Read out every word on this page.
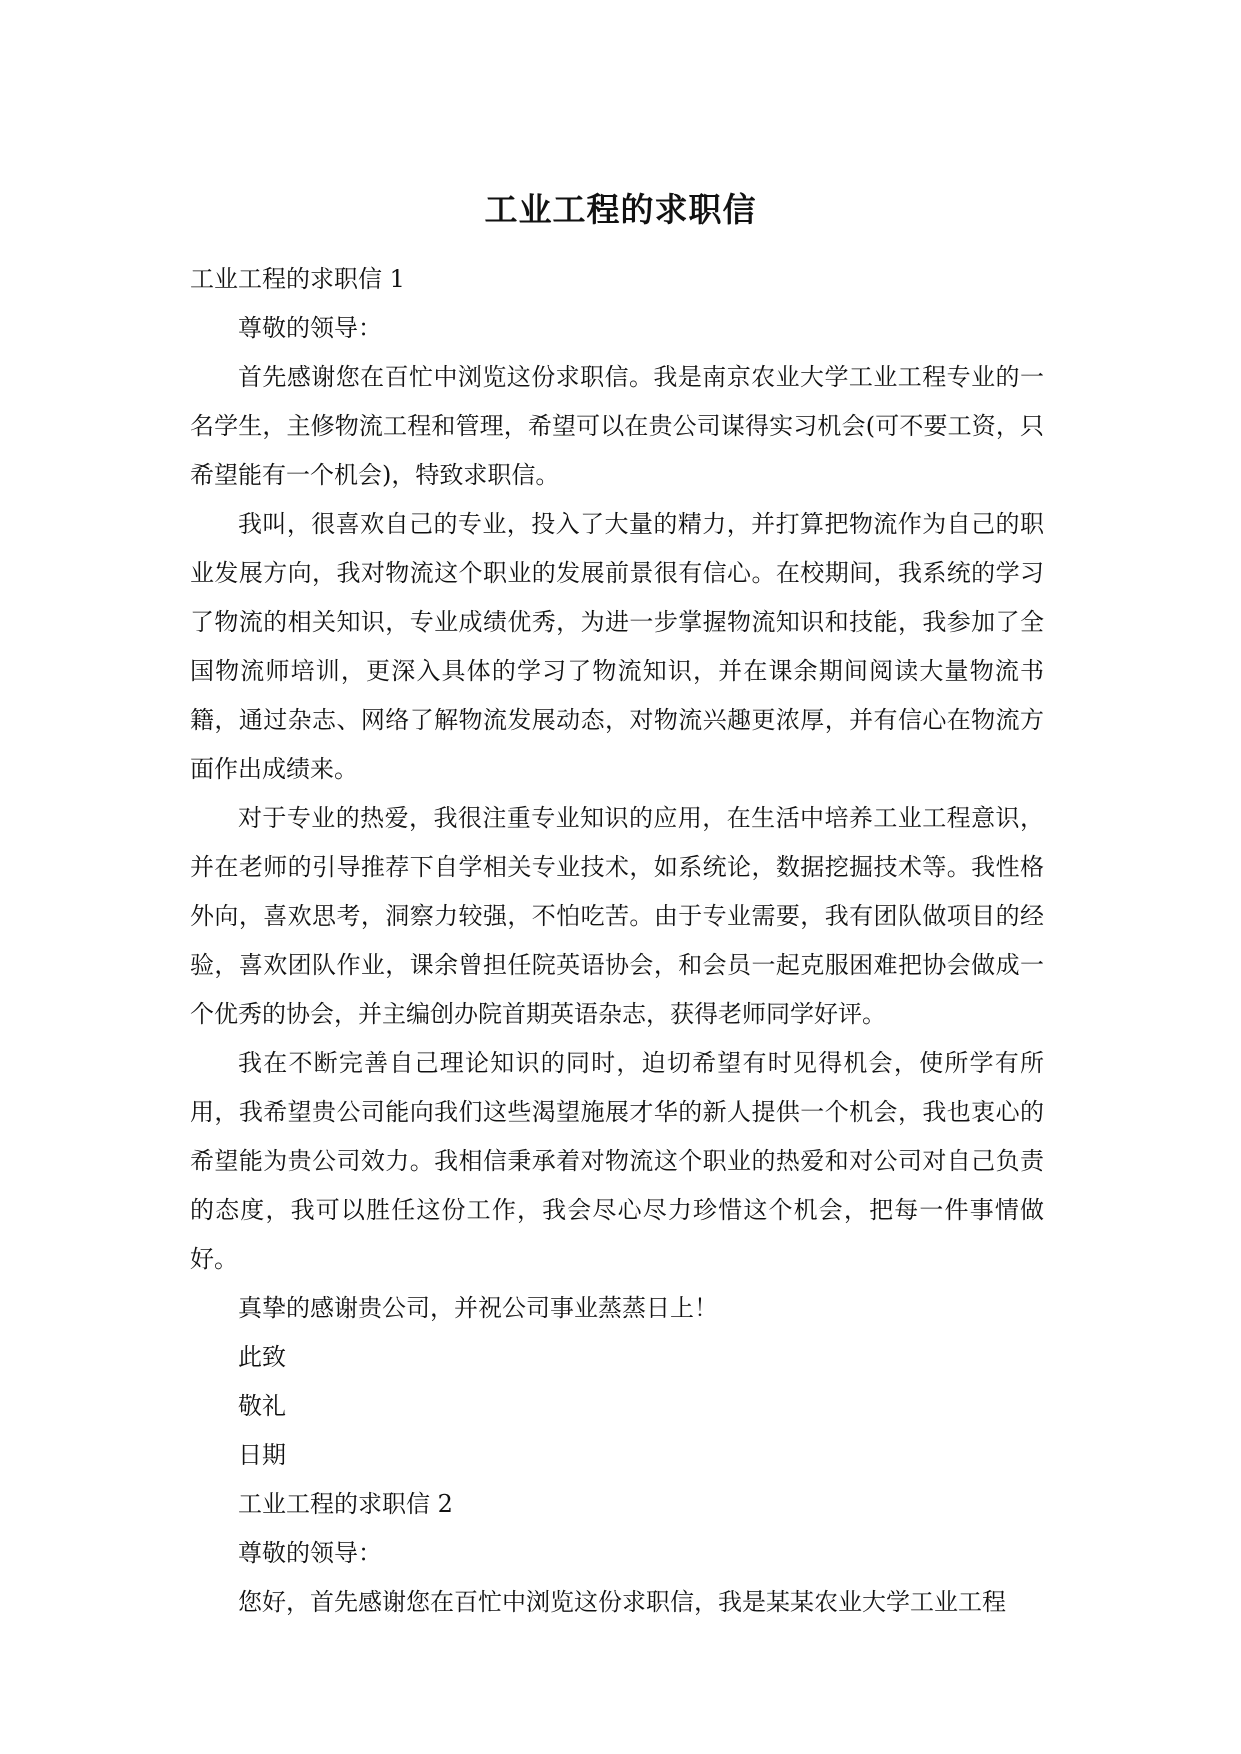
工业工程的求职信

工业工程的求职信 1

尊敬的领导：

首先感谢您在百忙中浏览这份求职信。我是南京农业大学工业工程专业的一名学生，主修物流工程和管理，希望可以在贵公司谋得实习机会(可不要工资，只希望能有一个机会)，特致求职信。

我叫，很喜欢自己的专业，投入了大量的精力，并打算把物流作为自己的职业发展方向，我对物流这个职业的发展前景很有信心。在校期间，我系统的学习了物流的相关知识，专业成绩优秀，为进一步掌握物流知识和技能，我参加了全国物流师培训，更深入具体的学习了物流知识，并在课余期间阅读大量物流书籍，通过杂志、网络了解物流发展动态，对物流兴趣更浓厚，并有信心在物流方面作出成绩来。

对于专业的热爱，我很注重专业知识的应用，在生活中培养工业工程意识，并在老师的引导推荐下自学相关专业技术，如系统论，数据挖掘技术等。我性格外向，喜欢思考，洞察力较强，不怕吃苦。由于专业需要，我有团队做项目的经验，喜欢团队作业，课余曾担任院英语协会，和会员一起克服困难把协会做成一个优秀的协会，并主编创办院首期英语杂志，获得老师同学好评。

我在不断完善自己理论知识的同时，迫切希望有时见得机会，使所学有所用，我希望贵公司能向我们这些渴望施展才华的新人提供一个机会，我也衷心的希望能为贵公司效力。我相信秉承着对物流这个职业的热爱和对公司对自己负责的态度，我可以胜任这份工作，我会尽心尽力珍惜这个机会，把每一件事情做好。

真挚的感谢贵公司，并祝公司事业蒸蒸日上！

此致

敬礼

日期

工业工程的求职信 2

尊敬的领导：

您好，首先感谢您在百忙中浏览这份求职信，我是某某农业大学工业工程
